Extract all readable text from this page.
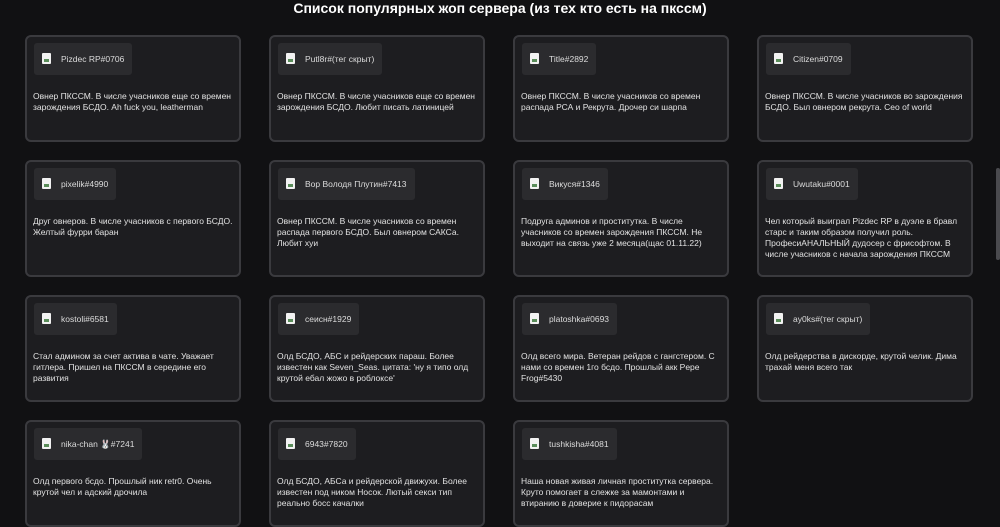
Список популярных жоп сервера (из тех кто есть на пкссм)
Pizdec RP#0706
Овнер ПКССМ. В числе учасников еще со времен зарождения БСДО. Ah fuck you, leatherman
Putl8r#(тег скрыт)
Овнер ПКССМ. В числе учасников еще со времен зарождения БСДО. Любит писать латиницей
Title#2892
Овнер ПКССМ. В числе учасников со времен распада РСА и Рекрута. Дрочер си шарпа
Citizen#0709
Овнер ПКССМ. В числе учасников во зарождения БСДО. Был овнером рекрута. Ceo of world
pixelik#4990
Друг овнеров. В числе учасников с первого БСДО. Желтый фурри баран
Вор Володя Плутин#7413
Овнер ПКССМ. В числе учасников со времен распада первого БСДО. Был овнером САКСа. Любит хуи
Викуся#1346
Подруга админов и проститутка. В числе учасников со времен зарождения ПКССМ. Не выходит на связь уже 2 месяца(щас 01.11.22)
Uwutaku#0001
Чел который выиграл Pizdec RP в дуэле в бравл старс и таким образом получил роль. ПрофесиАНАЛЬНЫЙ дудосер с фрисофтом. В числе учасников с начала зарождения ПКССМ
kostoli#6581
Стал админом за счет актива в чате. Уважает гитлера. Пришел на ПКССМ в середине его развития
сеисн#1929
Олд БСДО, АБС и рейдерских параш. Более известен как Seven_Seas. цитата: 'ну я типо олд крутой ебал жожо в роблоксе'
platoshka#0693
Олд всего мира. Ветеран рейдов с гангстером. С нами со времен 1го бсдо. Прошлый акк Pepe Frog#5430
ay0ks#(тег скрыт)
Олд рейдерства в дискорде, крутой челик. Дима трахай меня всего так
nika-chan 🐰#7241
Олд первого бсдо. Прошлый ник retr0. Очень крутой чел и адский дрочила
6943#7820
Олд БСДО, АБСа и рейдерской движухи. Более известен под ником Носок. Лютый секси тип реально босс качалки
tushkisha#4081
Наша новая живая личная проститутка сервера. Круто помогает в слежке за мамонтами и втиранию в доверие к пидорасам
